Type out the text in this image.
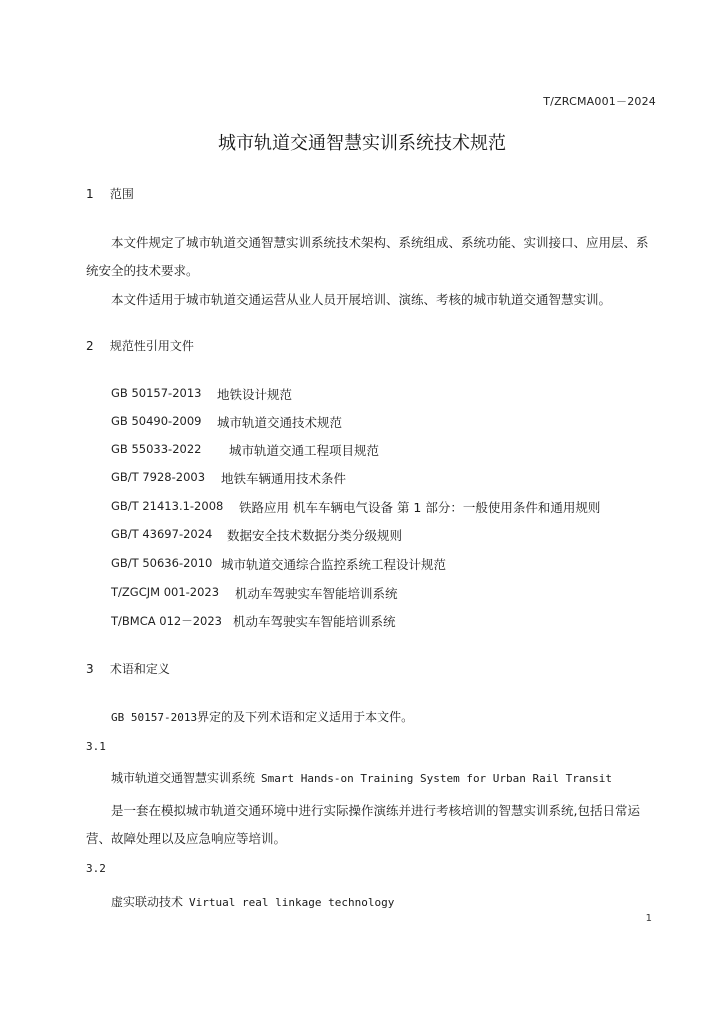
T/ZRCMA001－2024
城市轨道交通智慧实训系统技术规范
1 范围
本文件规定了城市轨道交通智慧实训系统技术架构、系统组成、系统功能、实训接口、应用层、系
统安全的技术要求。
本文件适用于城市轨道交通运营从业人员开展培训、演练、考核的城市轨道交通智慧实训。
2 规范性引用文件
GB 50157-2013 地铁设计规范
GB 50490-2009 城市轨道交通技术规范
GB 55033-2022 城市轨道交通工程项目规范
GB/T 7928-2003 地铁车辆通用技术条件
GB/T 21413.1-2008 铁路应用 机车车辆电气设备 第 1 部分：一般使用条件和通用规则
GB/T 43697-2024 数据安全技术数据分类分级规则
GB/T 50636-2010 城市轨道交通综合监控系统工程设计规范
T/ZGCJM 001-2023 机动车驾驶实车智能培训系统
T/BMCA 012－2023 机动车驾驶实车智能培训系统
3 术语和定义
GB 50157-2013界定的及下列术语和定义适用于本文件。
3.1
城市轨道交通智慧实训系统 Smart Hands-on Training System for Urban Rail Transit
是一套在模拟城市轨道交通环境中进行实际操作演练并进行考核培训的智慧实训系统,包括日常运
营、故障处理以及应急响应等培训。
3.2
虚实联动技术 Virtual real linkage technology
1
